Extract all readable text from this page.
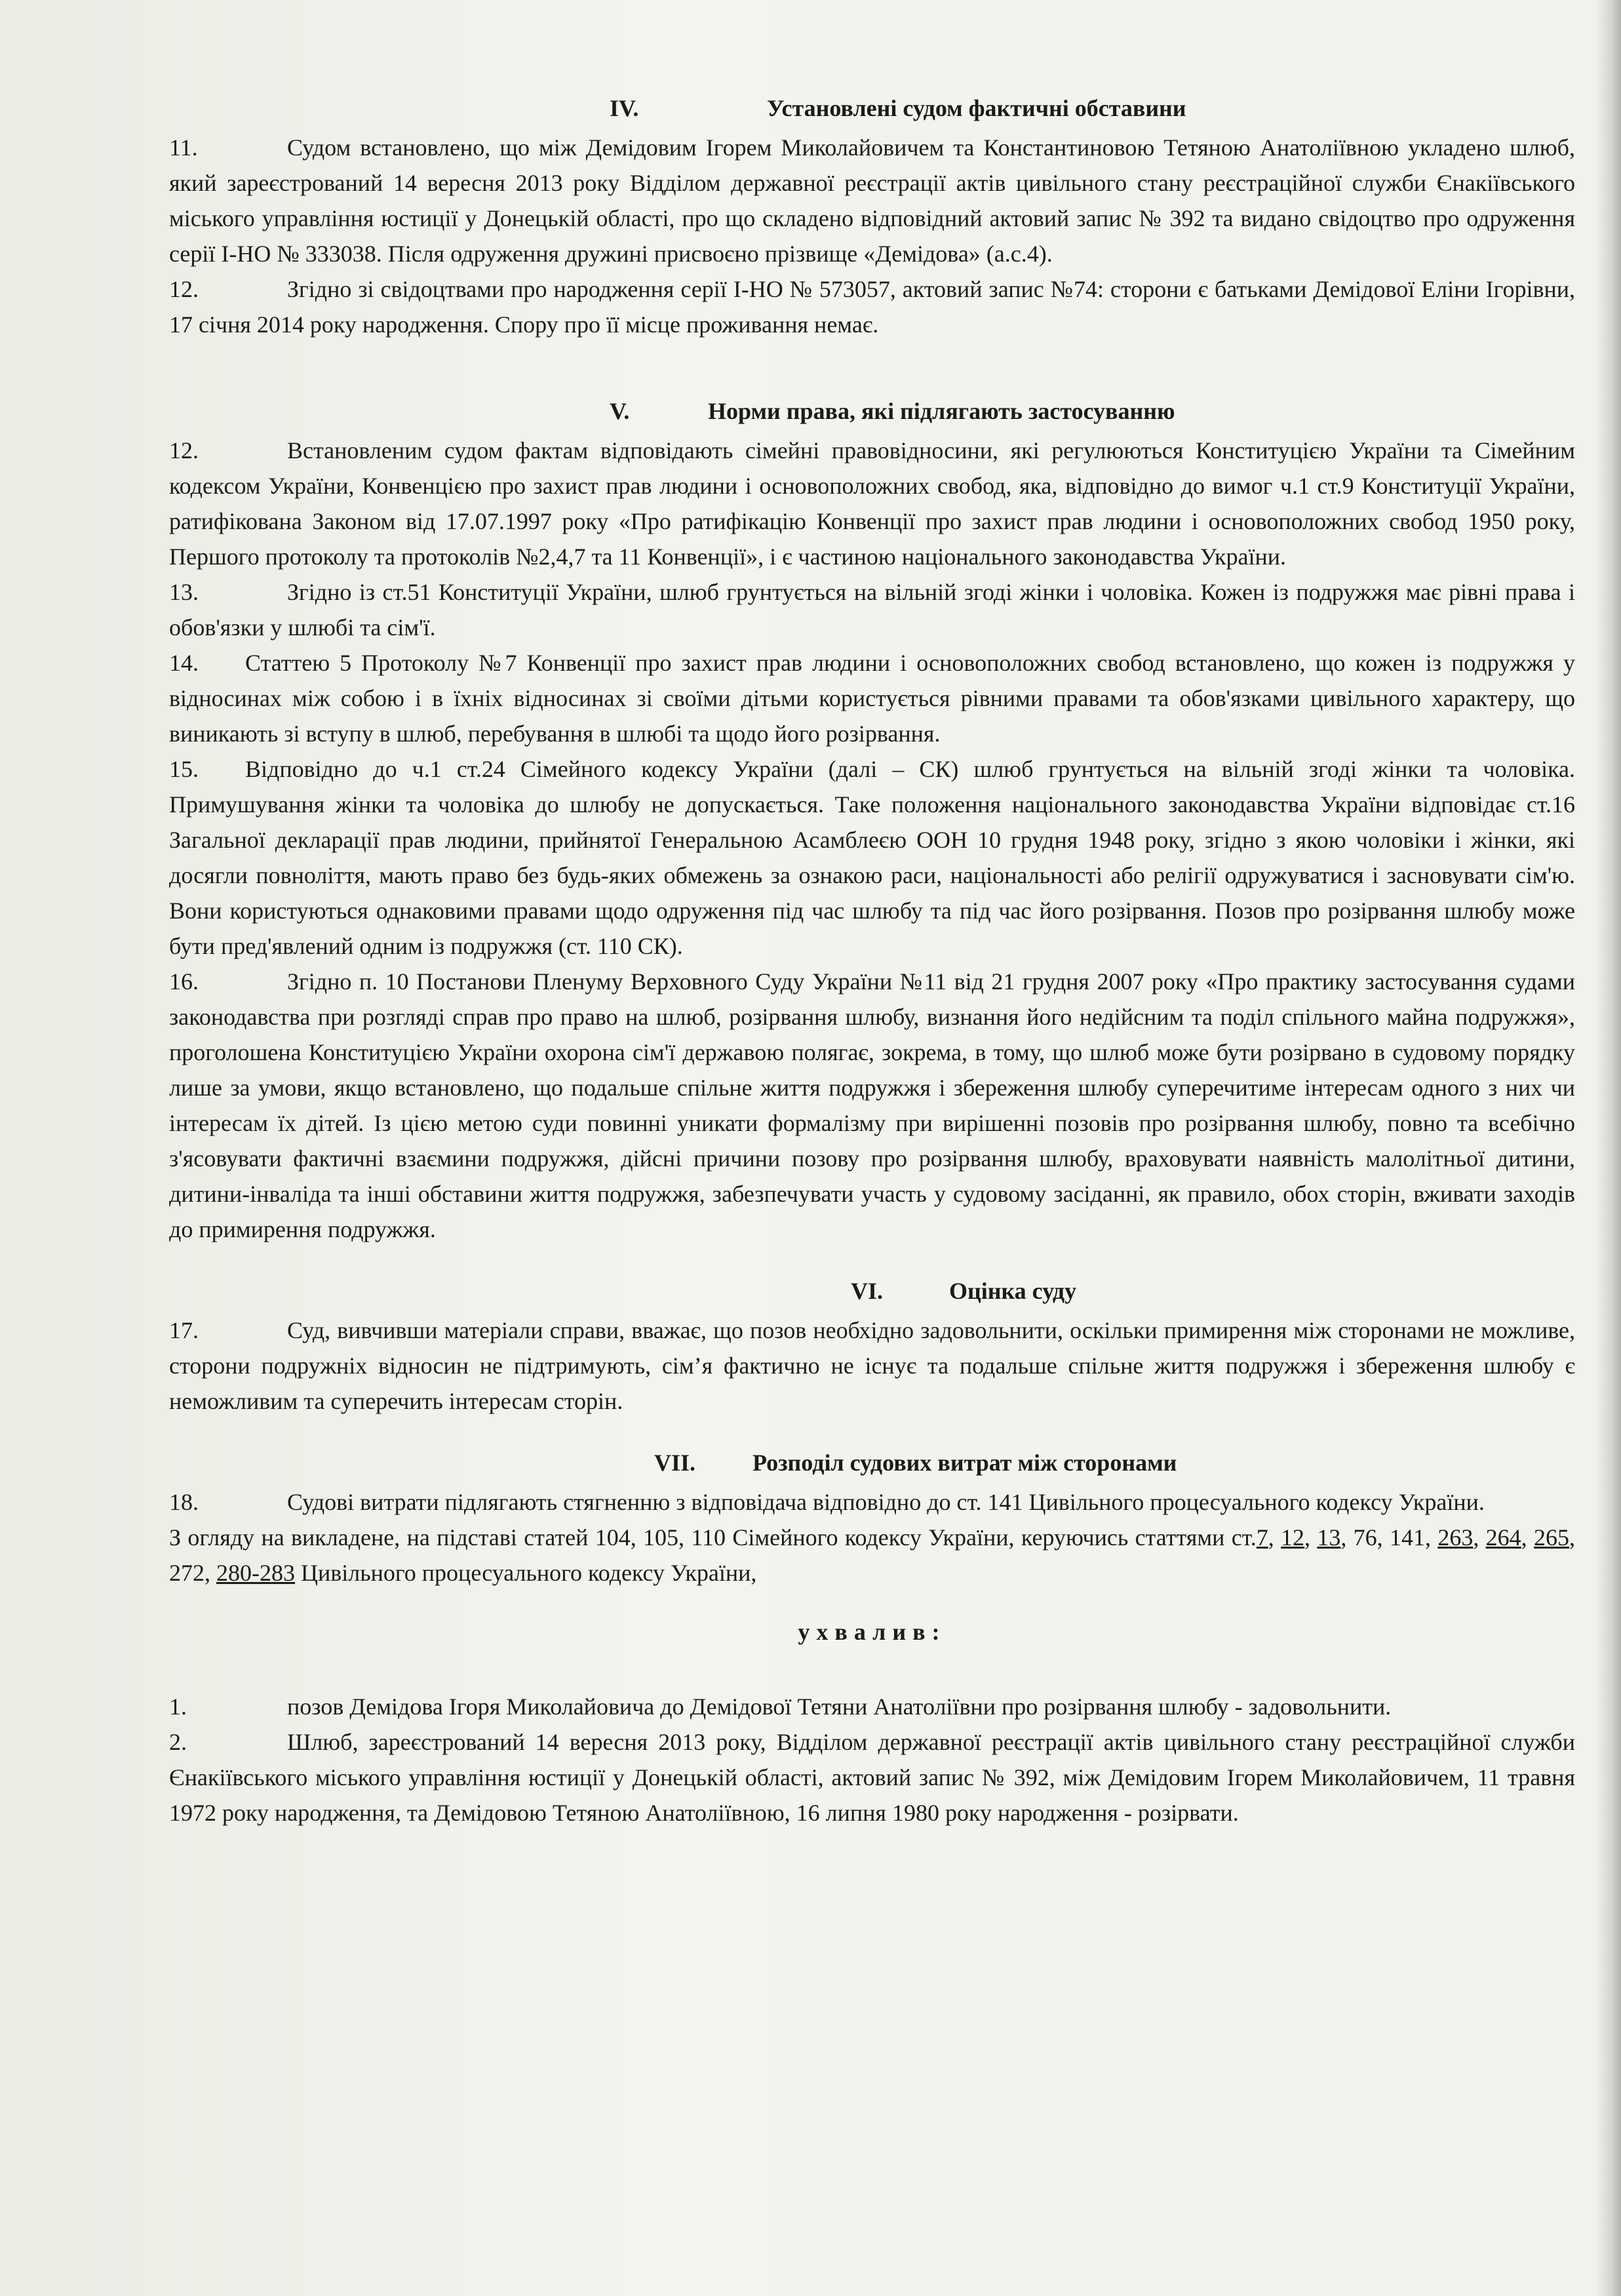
IV.	Установлені судом фактичні обставини

11.	Судом встановлено, що між Демідовим Ігорем Миколайовичем та Константиновою Тетяною Анатоліївною укладено шлюб, який зареєстрований 14 вересня 2013 року Відділом державної реєстрації актів цивільного стану реєстраційної служби Єнакіївського міського управління юстиції у Донецькій області, про що складено відповідний актовий запис № 392 та видано свідоцтво про одруження серії І-НО № 333038. Після одруження дружині присвоєно прізвище «Демідова» (а.с.4).

12.	Згідно зі свідоцтвами про народження серії І-НО № 573057, актовий запис №74: сторони є батьками Демідової Еліни Ігорівни, 17 січня 2014 року народження. Спору про її місце проживання немає.

V.	Норми права, які підлягають застосуванню

12.	Встановленим судом фактам відповідають сімейні правовідносини, які регулюються Конституцією України та Сімейним кодексом України, Конвенцією про захист прав людини і основоположних свобод, яка, відповідно до вимог ч.1 ст.9 Конституції України, ратифікована Законом від 17.07.1997 року «Про ратифікацію Конвенції про захист прав людини і основоположних свобод 1950 року, Першого протоколу та протоколів №2,4,7 та 11 Конвенції», і є частиною національного законодавства України.

13.	Згідно із ст.51 Конституції України, шлюб грунтується на вільній згоді жінки і чоловіка. Кожен із подружжя має рівні права і обов'язки у шлюбі та сім'ї.

14. Статтею 5 Протоколу №7 Конвенції про захист прав людини і основоположних свобод встановлено, що кожен із подружжя у відносинах між собою і в їхніх відносинах зі своїми дітьми користується рівними правами та обов'язками цивільного характеру, що виникають зі вступу в шлюб, перебування в шлюбі та щодо його розірвання.

15. Відповідно до ч.1 ст.24 Сімейного кодексу України (далі – СК) шлюб грунтується на вільній згоді жінки та чоловіка. Примушування жінки та чоловіка до шлюбу не допускається. Таке положення національного законодавства України відповідає ст.16 Загальної декларації прав людини, прийнятої Генеральною Асамблеєю ООН 10 грудня 1948 року, згідно з якою чоловіки і жінки, які досягли повноліття, мають право без будь-яких обмежень за ознакою раси, національності або релігії одружуватися і засновувати сім'ю. Вони користуються однаковими правами щодо одруження під час шлюбу та під час його розірвання. Позов про розірвання шлюбу може бути пред'явлений одним із подружжя (ст. 110 СК).

16.	Згідно п. 10 Постанови Пленуму Верховного Суду України №11 від 21 грудня 2007 року «Про практику застосування судами законодавства при розгляді справ про право на шлюб, розірвання шлюбу, визнання його недійсним та поділ спільного майна подружжя», проголошена Конституцією України охорона сім'ї державою полягає, зокрема, в тому, що шлюб може бути розірвано в судовому порядку лише за умови, якщо встановлено, що подальше спільне життя подружжя і збереження шлюбу суперечитиме інтересам одного з них чи інтересам їх дітей. Із цією метою суди повинні уникати формалізму при вирішенні позовів про розірвання шлюбу, повно та всебічно з'ясовувати фактичні взаємини подружжя, дійсні причини позову про розірвання шлюбу, враховувати наявність малолітньої дитини, дитини-інваліда та інші обставини життя подружжя, забезпечувати участь у судовому засіданні, як правило, обох сторін, вживати заходів до примирення подружжя.

VI.	Оцінка суду

17.	Суд, вивчивши матеріали справи, вважає, що позов необхідно задовольнити, оскільки примирення між сторонами не можливе, сторони подружніх відносин не підтримують, сім’я фактично не існує та подальше спільне життя подружжя і збереження шлюбу є неможливим та суперечить інтересам сторін.

VII. Розподіл судових витрат між сторонами

18.	Судові витрати підлягають стягненню з відповідача відповідно до ст. 141 Цивільного процесуального кодексу України.

З огляду на викладене, на підставі статей 104, 105, 110 Сімейного кодексу України, керуючись статтями ст.7, 12, 13, 76, 141, 263, 264, 265, 272, 280-283 Цивільного процесуального кодексу України,

ухвалив:

1.	позов Демідова Ігоря Миколайовича до Демідової Тетяни Анатоліївни про розірвання шлюбу - задовольнити.

2.	Шлюб, зареєстрований 14 вересня 2013 року, Відділом державної реєстрації актів цивільного стану реєстраційної служби Єнакіївського міського управління юстиції у Донецькій області, актовий запис № 392, між Демідовим Ігорем Миколайовичем, 11 травня 1972 року народження, та Демідовою Тетяною Анатоліївною, 16 липня 1980 року народження - розірвати.
